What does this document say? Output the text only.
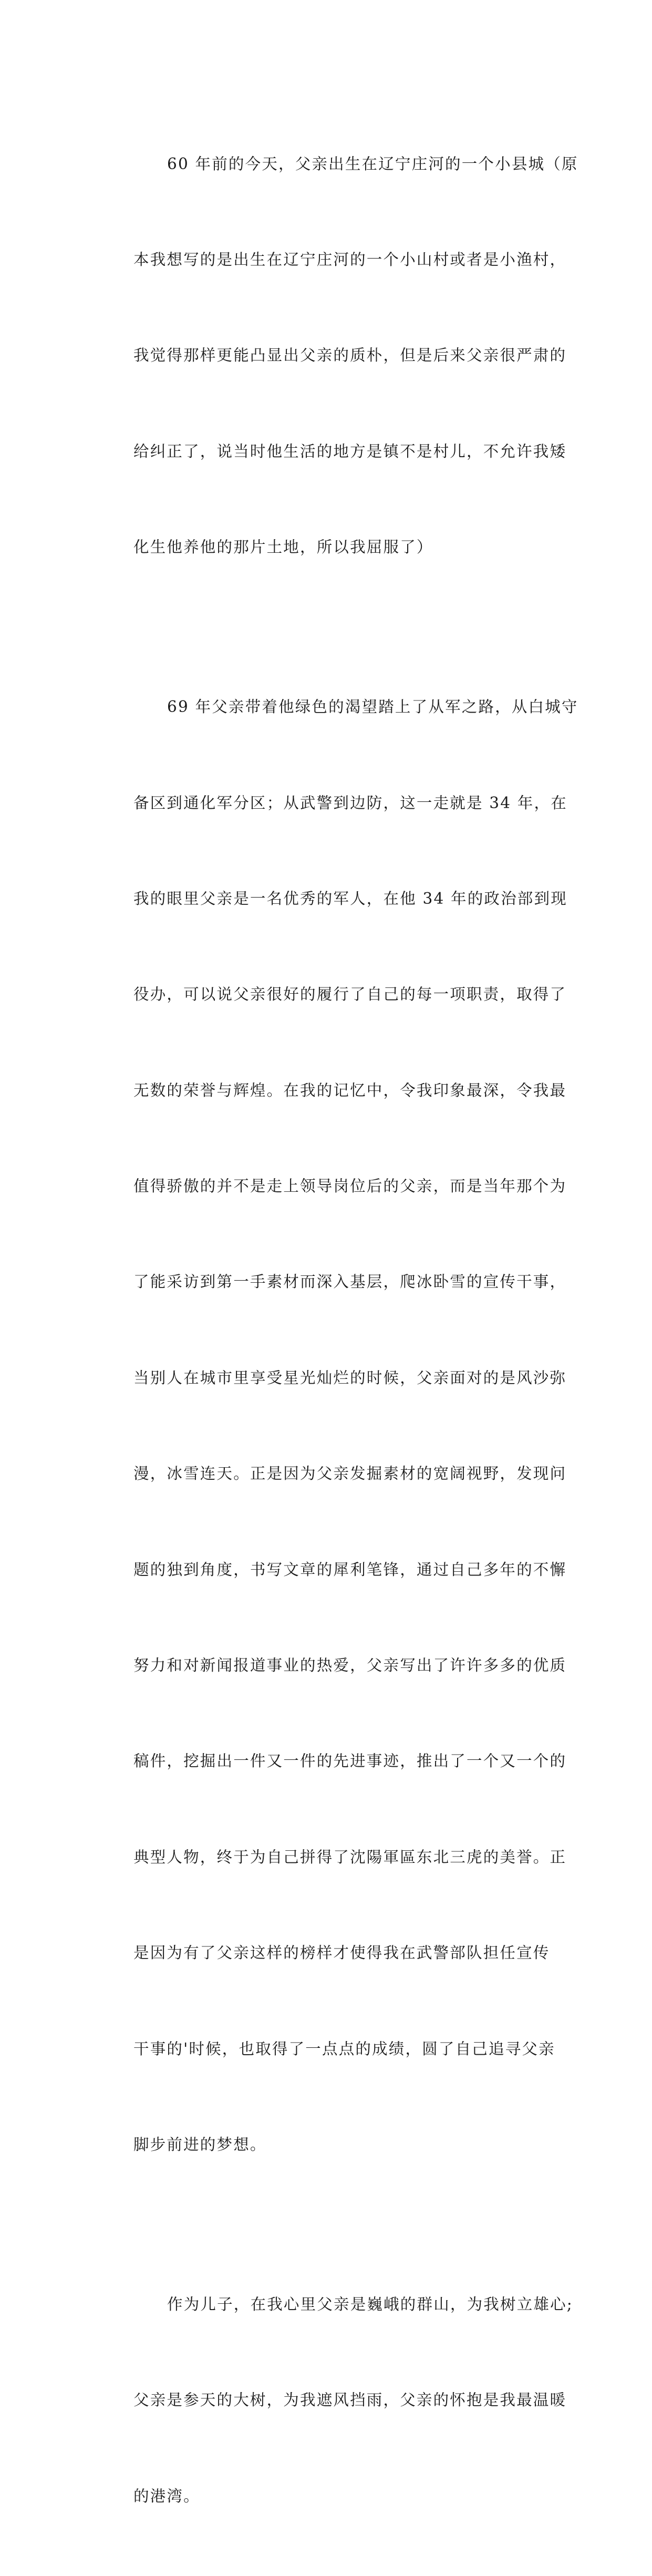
60 年前的今天，父亲出生在辽宁庄河的一个小县城（原

本我想写的是出生在辽宁庄河的一个小山村或者是小渔村，

我觉得那样更能凸显出父亲的质朴，但是后来父亲很严肃的

给纠正了，说当时他生活的地方是镇不是村儿，不允许我矮

化生他养他的那片土地，所以我屈服了）

69 年父亲带着他绿色的渴望踏上了从军之路，从白城守

备区到通化军分区；从武警到边防，这一走就是 34 年，在

我的眼里父亲是一名优秀的军人，在他 34 年的政治部到现

役办，可以说父亲很好的履行了自己的每一项职责，取得了

无数的荣誉与辉煌。在我的记忆中，令我印象最深，令我最

值得骄傲的并不是走上领导岗位后的父亲，而是当年那个为

了能采访到第一手素材而深入基层，爬冰卧雪的宣传干事，

当别人在城市里享受星光灿烂的时候，父亲面对的是风沙弥

漫，冰雪连天。正是因为父亲发掘素材的宽阔视野，发现问

题的独到角度，书写文章的犀利笔锋，通过自己多年的不懈

努力和对新闻报道事业的热爱，父亲写出了许许多多的优质

稿件，挖掘出一件又一件的先进事迹，推出了一个又一个的

典型人物，终于为自己拼得了沈陽軍區东北三虎的美誉。正

是因为有了父亲这样的榜样才使得我在武警部队担任宣传

干事的'时候，也取得了一点点的成绩，圆了自己追寻父亲

脚步前进的梦想。

作为儿子，在我心里父亲是巍峨的群山，为我树立雄心;

父亲是参天的大树，为我遮风挡雨，父亲的怀抱是我最温暖

的港湾。
